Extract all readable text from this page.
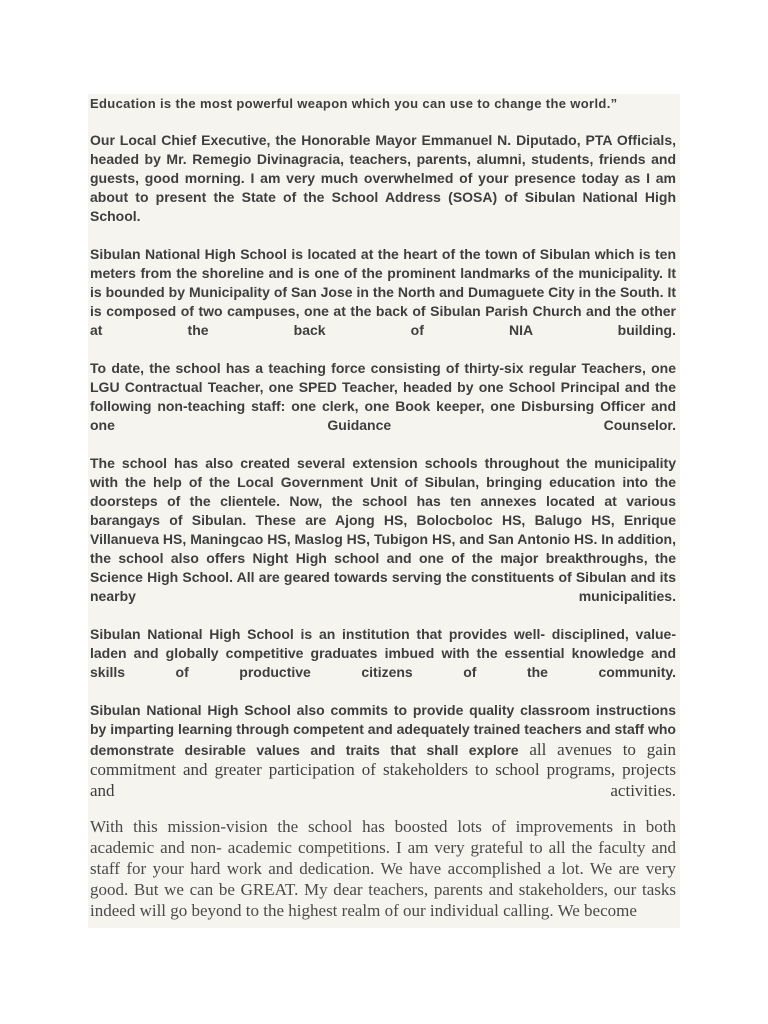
Education is the most powerful weapon which you can use to change the world.”

Our Local Chief Executive, the Honorable Mayor Emmanuel N. Diputado, PTA Officials, headed by Mr. Remegio Divinagracia, teachers, parents, alumni, students, friends and guests, good morning. I am very much overwhelmed of your presence today as I am about to present the State of the School Address (SOSA) of Sibulan National High School.

Sibulan National High School is located at the heart of the town of Sibulan which is ten meters from the shoreline and is one of the prominent landmarks of the municipality. It is bounded by Municipality of San Jose in the North and Dumaguete City in the South. It is composed of two campuses, one at the back of Sibulan Parish Church and the other at the back of NIA building.

To date, the school has a teaching force consisting of thirty-six regular Teachers, one LGU Contractual Teacher, one SPED Teacher, headed by one School Principal and the following non-teaching staff: one clerk, one Book keeper, one Disbursing Officer and one Guidance Counselor.

The school has also created several extension schools throughout the municipality with the help of the Local Government Unit of Sibulan, bringing education into the doorsteps of the clientele. Now, the school has ten annexes located at various barangays of Sibulan. These are Ajong HS, Bolocboloc HS, Balugo HS, Enrique Villanueva HS, Maningcao HS, Maslog HS, Tubigon HS, and San Antonio HS. In addition, the school also offers Night High school and one of the major breakthroughs, the Science High School. All are geared towards serving the constituents of Sibulan and its nearby municipalities.

Sibulan National High School is an institution that provides well- disciplined, value-laden and globally competitive graduates imbued with the essential knowledge and skills of productive citizens of the community.

Sibulan National High School also commits to provide quality classroom instructions by imparting learning through competent and adequately trained teachers and staff who demonstrate desirable values and traits that shall explore all avenues to gain commitment and greater participation of stakeholders to school programs, projects and activities.

With this mission-vision the school has boosted lots of improvements in both academic and non- academic competitions. I am very grateful to all the faculty and staff for your hard work and dedication. We have accomplished a lot. We are very good. But we can be GREAT. My dear teachers, parents and stakeholders, our tasks indeed will go beyond to the highest realm of our individual calling. We become
